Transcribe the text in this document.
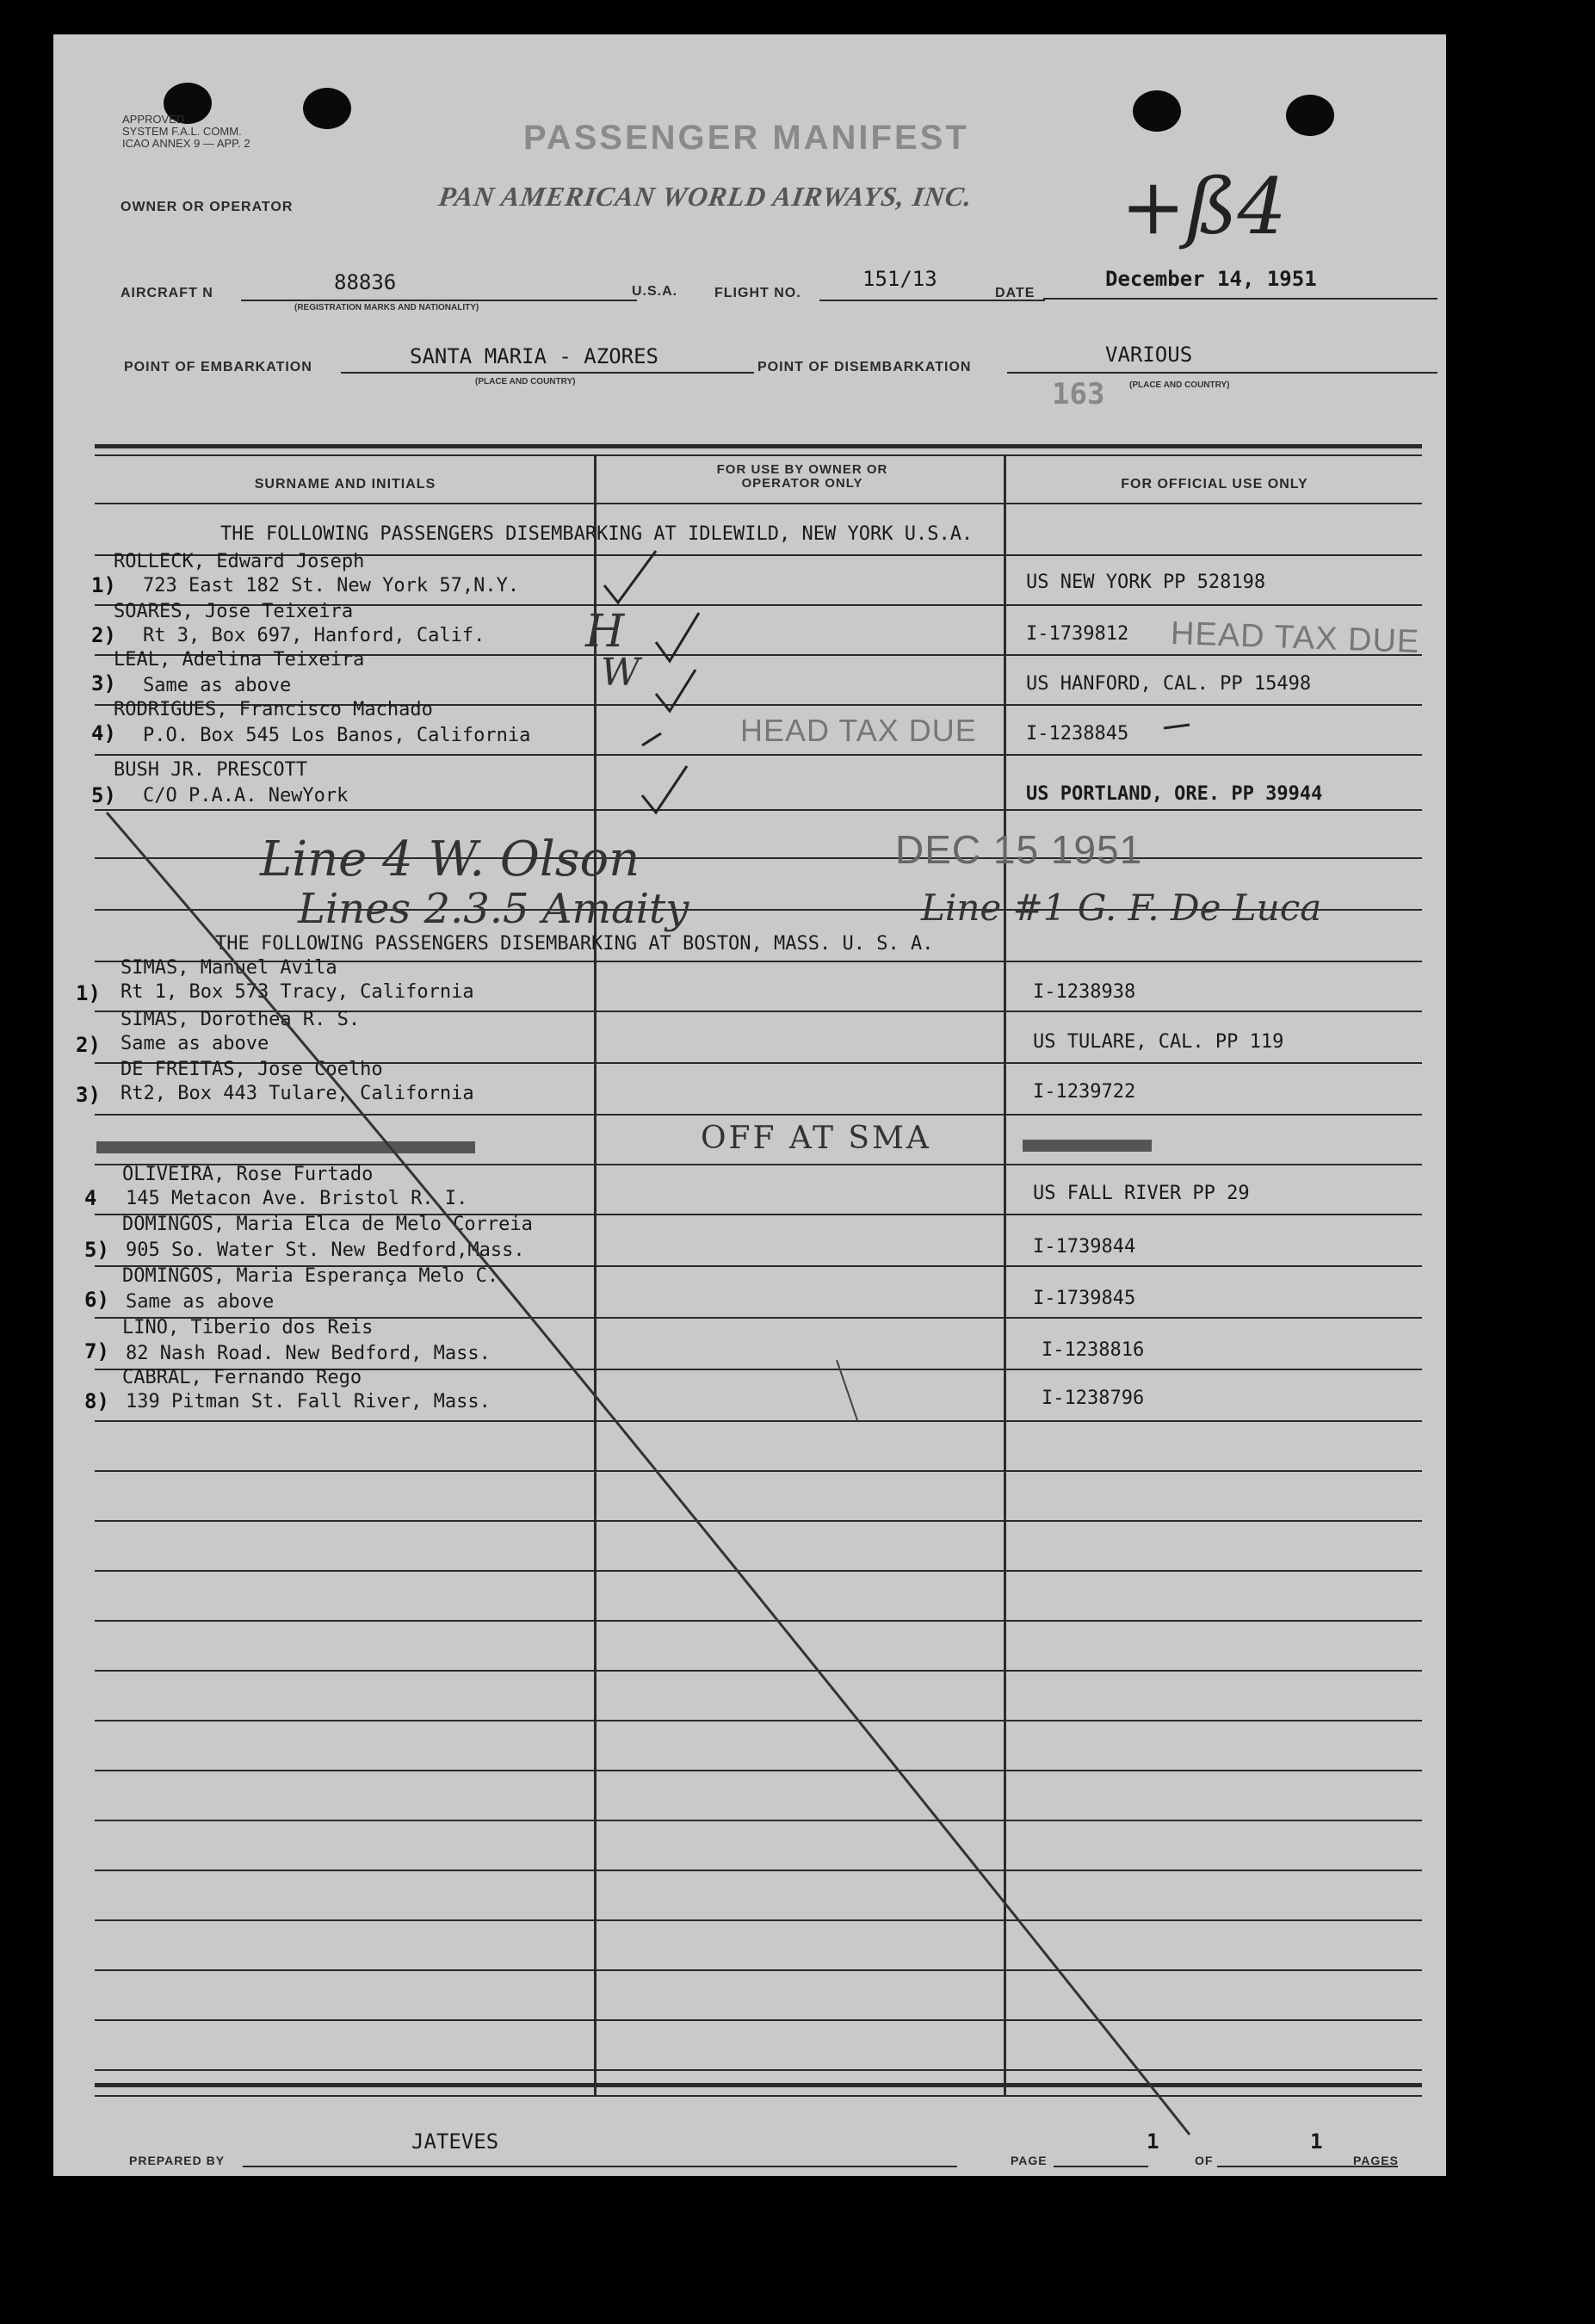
APPROVED
SYSTEM F.A.L. COMM.
ICAO ANNEX 9 — APP. 2	PASSENGER MANIFEST
OWNER OR OPERATOR	PAN AMERICAN WORLD AIRWAYS, INC. +ß4
AIRCRAFT N	88836
(REGISTRATION MARKS AND NATIONALITY)
U.S.A.	FLIGHT NO.
151/13
DATE
December 14, 1951
POINT OF EMBARKATION	SANTA MARIA - AZORES
(PLACE AND COUNTRY)
POINT OF DISEMBARKATION
VARIOUS
163	(PLACE AND COUNTRY)
SURNAME AND INITIALS
FOR USE BY OWNER OR OPERATOR ONLY	FOR OFFICIAL USE ONLY
THE FOLLOWING PASSENGERS DISEMBARKING AT IDLEWILD, NEW YORK U.S.A.
ROLLECK, Edward Joseph
1) 723 East 182 St. New York 57,N.Y.	US NEW YORK PP 528198
SOARES, Jose Teixeira
2) Rt 3, Box 697, Hanford, Calif.	I-1739812
LEAL, Adelina Teixeira
3) Same as above	US HANFORD, CAL. PP 15498
RODRIGUES, Francisco Machado
4) P.O. Box 545 Los Banos, California	I-1238845
BUSH JR. PRESCOTT
5) C/O P.A.A. NewYork	US PORTLAND, ORE. PP 39944
HEAD TAX DUE
HEAD TAX DUE
H
W
Line 4 W. Olson	DEC 15 1951
Lines 2.3.5 Amaity	Line #1 G. F. De Luca
THE FOLLOWING PASSENGERS DISEMBARKING AT BOSTON, MASS. U. S. A.
SIMAS, Manuel Avila
1) Rt 1, Box 573 Tracy, California	I-1238938
SIMAS, Dorothea R. S.
2) Same as above	US TULARE, CAL. PP 119
DE FREITAS, Jose Coelho
3) Rt2, Box 443 Tulare, California	I-1239722
OFF AT SMA
OLIVEIRA, Rose Furtado
4 145 Metacon Ave. Bristol R. I.	US FALL RIVER PP 29
DOMINGOS, Maria Elca de Melo Correia
5) 905 So. Water St. New Bedford,Mass.	I-1739844
DOMINGOS, Maria Esperança Melo C.
6) Same as above	I-1739845
LINO, Tiberio dos Reis
7) 82 Nash Road. New Bedford, Mass.	I-1238816
CABRAL, Fernando Rego
8) 139 Pitman St. Fall River, Mass.	I-1238796
PREPARED BY
JATEVES
PAGE
1
OF
1
PAGES
